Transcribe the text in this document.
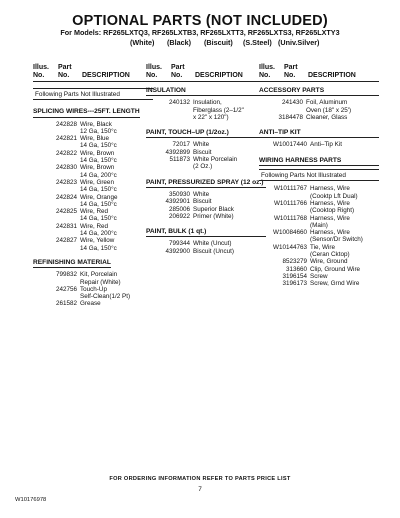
OPTIONAL PARTS (NOT INCLUDED)
For Models: RF265LXTQ3, RF265LXTB3, RF265LXTT3, RF265LXTS3, RF265LXTY3
(White) (Black) (Biscuit) (S.Steel) (Univ.Silver)
Illus.
No.
Part
No.	DESCRIPTION
Following Parts Not Illustrated
SPLICING WIRES---25FT. LENGTH
242828 Wire, Black
12 Ga, 150°c
242821 Wire, Blue
14 Ga, 150°c
242822 Wire, Brown
14 Ga, 150°c
242830 Wire, Brown
14 Ga, 200°c
242823 Wire, Green
14 Ga, 150°c
242824 Wire, Orange
14 Ga, 150°c
242825 Wire, Red
14 Ga, 150°c
242831 Wire, Red
14 Ga, 200°c
242827 Wire, Yellow
14 Ga, 150°c
REFINISHING MATERIAL
799832 Kit, Porcelain
Repair (White)
242756 Touch-Up
Self-Clean(1/2 Pt)
261582 Grease
Illus.
No.
Part
No.	DESCRIPTION
INSULATION
240132 Insulation,
Fiberglass (2–1/2"
x 22" x 120")
PAINT, TOUCH–UP (1/2oz.)
72017 White
4392899 Biscuit
511873 White Porcelain
(2 Oz.)
PAINT, PRESSURIZED SPRAY (12 oz.)
350930 White
4392901 Biscuit
285006 Superior Black
206922 Primer (White)
PAINT, BULK (1 qt.)
799344 White (Uncut)
4392900 Biscuit (Uncut)
Illus.
No.
Part
No.	DESCRIPTION
ACCESSORY PARTS
241430 Foil, Aluminum
Oven (18" x 25')
3184478 Cleaner, Glass
ANTI–TIP KIT
W10017440 Anti–Tip Kit
WIRING HARNESS PARTS
Following Parts Not Illustrated
W10111767 Harness, Wire
(Cooktp Lft Dual)
W10111766 Harness, Wire
(Cooktop Right)
W10111768 Harness, Wire
(Main)
W10084660 Harness, Wire
(Sensor/Dr Switch)
W10144763 Tie, Wire
(Ceran Cktop)
8523279 Wire, Ground
313660 Clip, Ground Wire
3196154 Screw
3196173 Screw, Grnd Wire
FOR ORDERING INFORMATION REFER TO PARTS PRICE LIST
7
W10176978
